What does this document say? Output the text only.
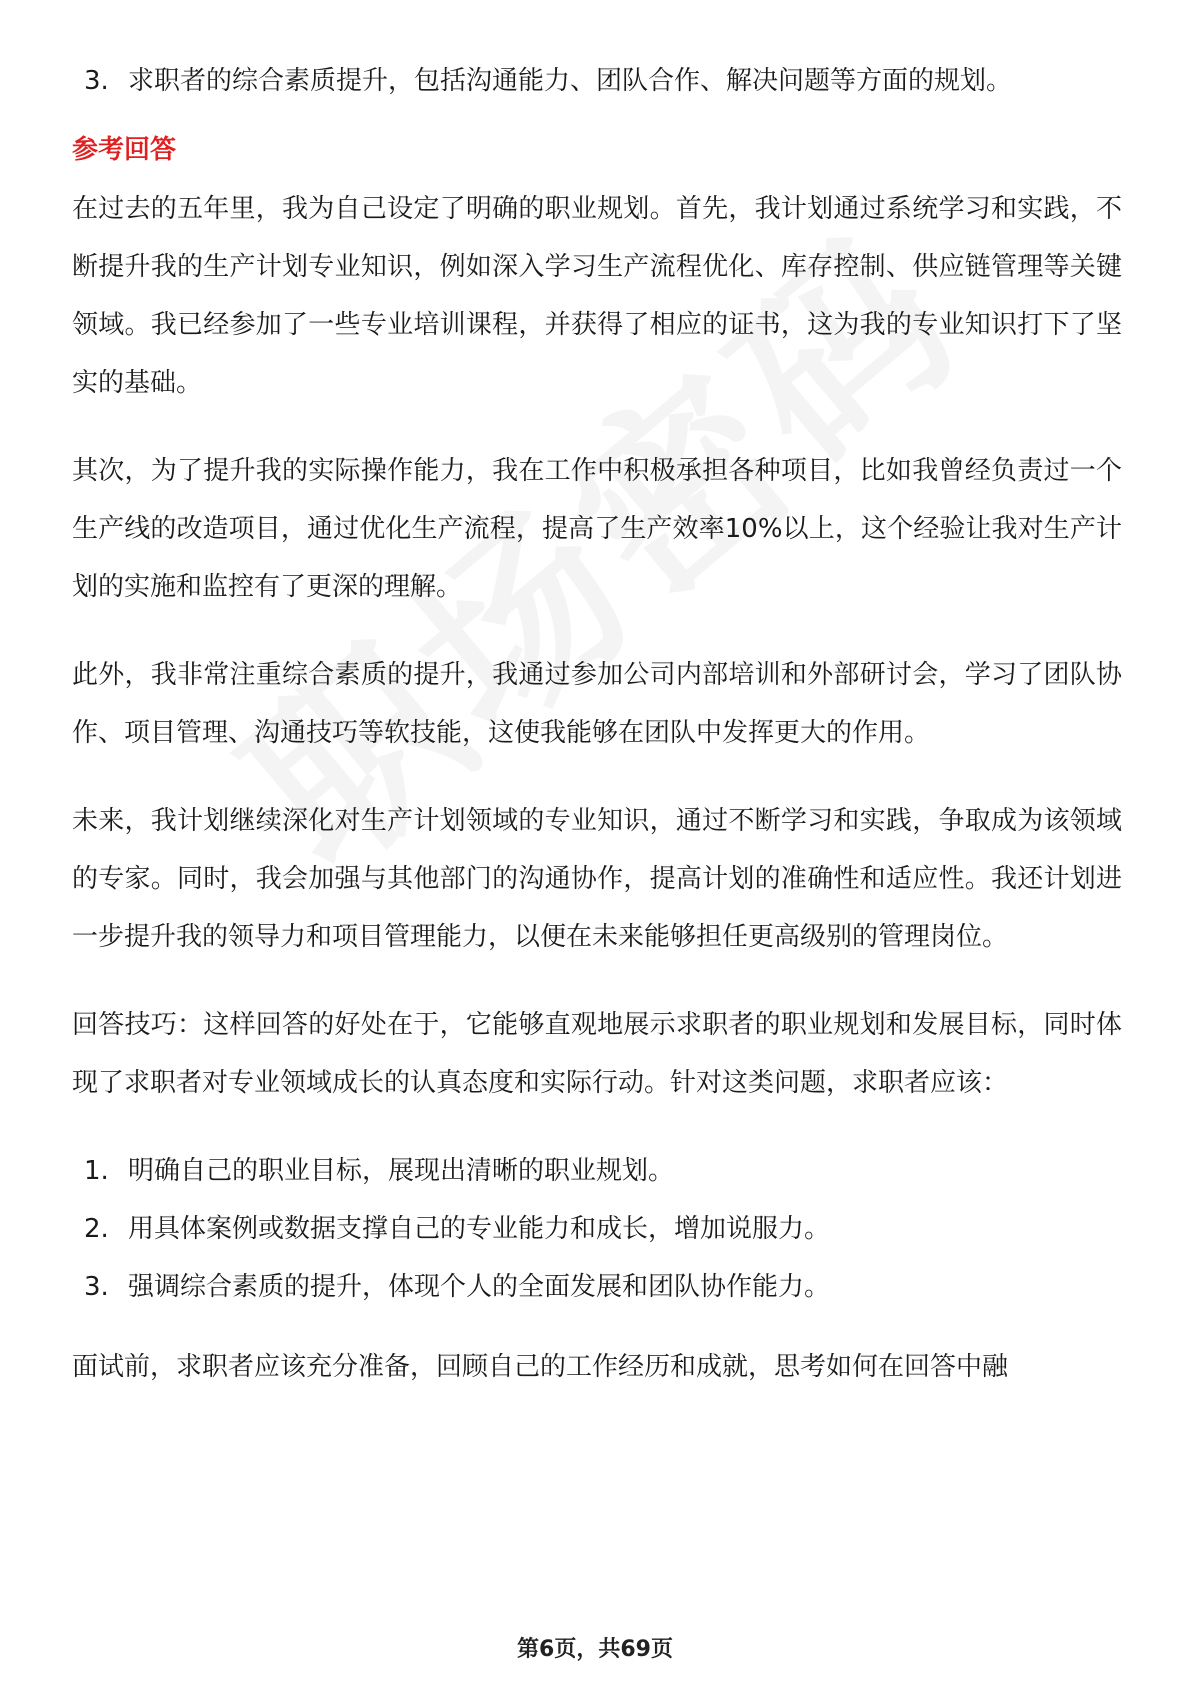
3. 求职者的综合素质提升，包括沟通能力、团队合作、解决问题等方面的规划。
参考回答

在过去的五年里，我为自己设定了明确的职业规划。首先，我计划通过系统学习和实践，不断提升我的生产计划专业知识，例如深入学习生产流程优化、库存控制、供应链管理等关键领域。我已经参加了一些专业培训课程，并获得了相应的证书，这为我的专业知识打下了坚实的基础。

其次，为了提升我的实际操作能力，我在工作中积极承担各种项目，比如我曾经负责过一个生产线的改造项目，通过优化生产流程，提高了生产效率10%以上，这个经验让我对生产计划的实施和监控有了更深的理解。

此外，我非常注重综合素质的提升，我通过参加公司内部培训和外部研讨会，学习了团队协作、项目管理、沟通技巧等软技能，这使我能够在团队中发挥更大的作用。

未来，我计划继续深化对生产计划领域的专业知识，通过不断学习和实践，争取成为该领域的专家。同时，我会加强与其他部门的沟通协作，提高计划的准确性和适应性。我还计划进一步提升我的领导力和项目管理能力，以便在未来能够担任更高级别的管理岗位。

回答技巧：这样回答的好处在于，它能够直观地展示求职者的职业规划和发展目标，同时体现了求职者对专业领域成长的认真态度和实际行动。针对这类问题，求职者应该：

1. 明确自己的职业目标，展现出清晰的职业规划。
2. 用具体案例或数据支撑自己的专业能力和成长，增加说服力。
3. 强调综合素质的提升，体现个人的全面发展和团队协作能力。

面试前，求职者应该充分准备，回顾自己的工作经历和成就，思考如何在回答中融

第6页，共69页
